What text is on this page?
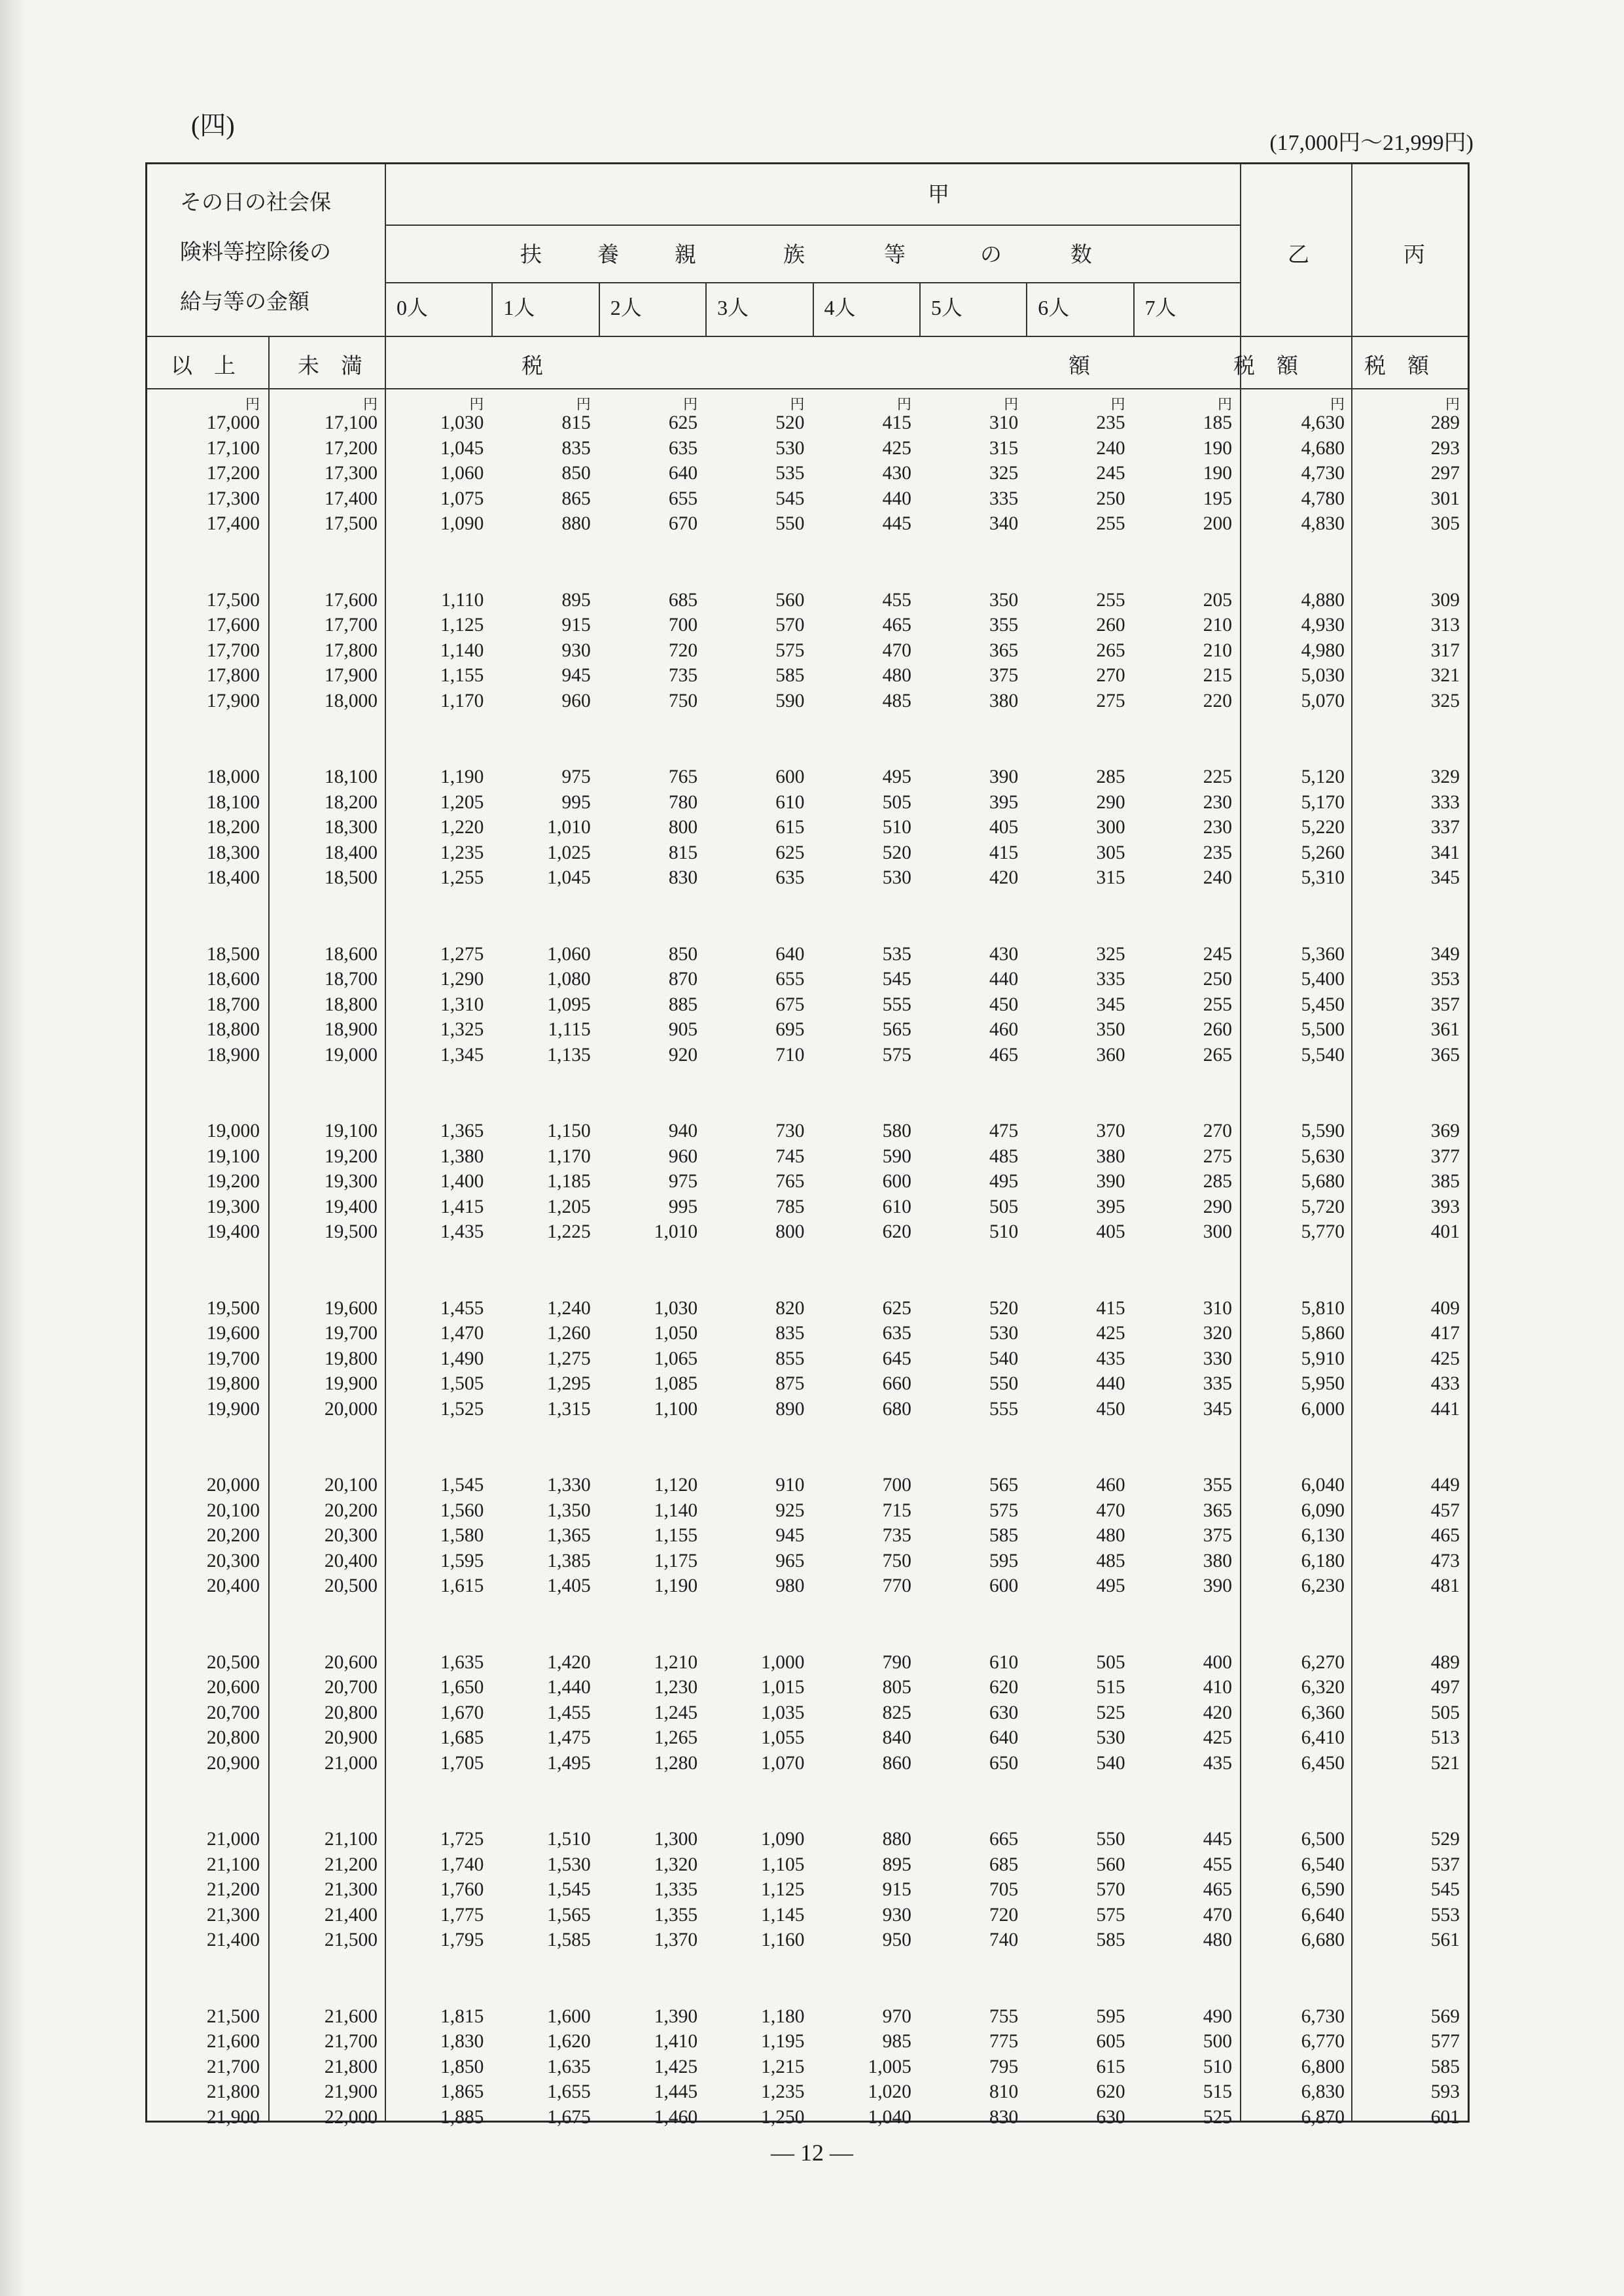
(四)
(17,000円～21,999円)
その日の社会保
険料等控除後の
給与等の金額
甲
扶	養	親	族	等	の	数	乙	丙
0人	1人	2人	3人	4人	5人	6人	7人
以　上	未　満	税	額	税　額	税　額
円	円	円	円	円	円	円	円	円	円	円	円
17,000	17,100	1,030	815	625	520	415	310	235	185	4,630	289
17,100	17,200	1,045	835	635	530	425	315	240	190	4,680	293
17,200	17,300	1,060	850	640	535	430	325	245	190	4,730	297
17,300	17,400	1,075	865	655	545	440	335	250	195	4,780	301
17,400	17,500	1,090	880	670	550	445	340	255	200	4,830	305
17,500	17,600	1,110	895	685	560	455	350	255	205	4,880	309
17,600	17,700	1,125	915	700	570	465	355	260	210	4,930	313
17,700	17,800	1,140	930	720	575	470	365	265	210	4,980	317
17,800	17,900	1,155	945	735	585	480	375	270	215	5,030	321
17,900	18,000	1,170	960	750	590	485	380	275	220	5,070	325
18,000	18,100	1,190	975	765	600	495	390	285	225	5,120	329
18,100	18,200	1,205	995	780	610	505	395	290	230	5,170	333
18,200	18,300	1,220	1,010	800	615	510	405	300	230	5,220	337
18,300	18,400	1,235	1,025	815	625	520	415	305	235	5,260	341
18,400	18,500	1,255	1,045	830	635	530	420	315	240	5,310	345
18,500	18,600	1,275	1,060	850	640	535	430	325	245	5,360	349
18,600	18,700	1,290	1,080	870	655	545	440	335	250	5,400	353
18,700	18,800	1,310	1,095	885	675	555	450	345	255	5,450	357
18,800	18,900	1,325	1,115	905	695	565	460	350	260	5,500	361
18,900	19,000	1,345	1,135	920	710	575	465	360	265	5,540	365
19,000	19,100	1,365	1,150	940	730	580	475	370	270	5,590	369
19,100	19,200	1,380	1,170	960	745	590	485	380	275	5,630	377
19,200	19,300	1,400	1,185	975	765	600	495	390	285	5,680	385
19,300	19,400	1,415	1,205	995	785	610	505	395	290	5,720	393
19,400	19,500	1,435	1,225	1,010	800	620	510	405	300	5,770	401
19,500	19,600	1,455	1,240	1,030	820	625	520	415	310	5,810	409
19,600	19,700	1,470	1,260	1,050	835	635	530	425	320	5,860	417
19,700	19,800	1,490	1,275	1,065	855	645	540	435	330	5,910	425
19,800	19,900	1,505	1,295	1,085	875	660	550	440	335	5,950	433
19,900	20,000	1,525	1,315	1,100	890	680	555	450	345	6,000	441
20,000	20,100	1,545	1,330	1,120	910	700	565	460	355	6,040	449
20,100	20,200	1,560	1,350	1,140	925	715	575	470	365	6,090	457
20,200	20,300	1,580	1,365	1,155	945	735	585	480	375	6,130	465
20,300	20,400	1,595	1,385	1,175	965	750	595	485	380	6,180	473
20,400	20,500	1,615	1,405	1,190	980	770	600	495	390	6,230	481
20,500	20,600	1,635	1,420	1,210	1,000	790	610	505	400	6,270	489
20,600	20,700	1,650	1,440	1,230	1,015	805	620	515	410	6,320	497
20,700	20,800	1,670	1,455	1,245	1,035	825	630	525	420	6,360	505
20,800	20,900	1,685	1,475	1,265	1,055	840	640	530	425	6,410	513
20,900	21,000	1,705	1,495	1,280	1,070	860	650	540	435	6,450	521
21,000	21,100	1,725	1,510	1,300	1,090	880	665	550	445	6,500	529
21,100	21,200	1,740	1,530	1,320	1,105	895	685	560	455	6,540	537
21,200	21,300	1,760	1,545	1,335	1,125	915	705	570	465	6,590	545
21,300	21,400	1,775	1,565	1,355	1,145	930	720	575	470	6,640	553
21,400	21,500	1,795	1,585	1,370	1,160	950	740	585	480	6,680	561
21,500	21,600	1,815	1,600	1,390	1,180	970	755	595	490	6,730	569
21,600	21,700	1,830	1,620	1,410	1,195	985	775	605	500	6,770	577
21,700	21,800	1,850	1,635	1,425	1,215	1,005	795	615	510	6,800	585
21,800	21,900	1,865	1,655	1,445	1,235	1,020	810	620	515	6,830	593
21,900	22,000	1,885	1,675	1,460	1,250	1,040	830	630	525	6,870	601
― 12 ―
